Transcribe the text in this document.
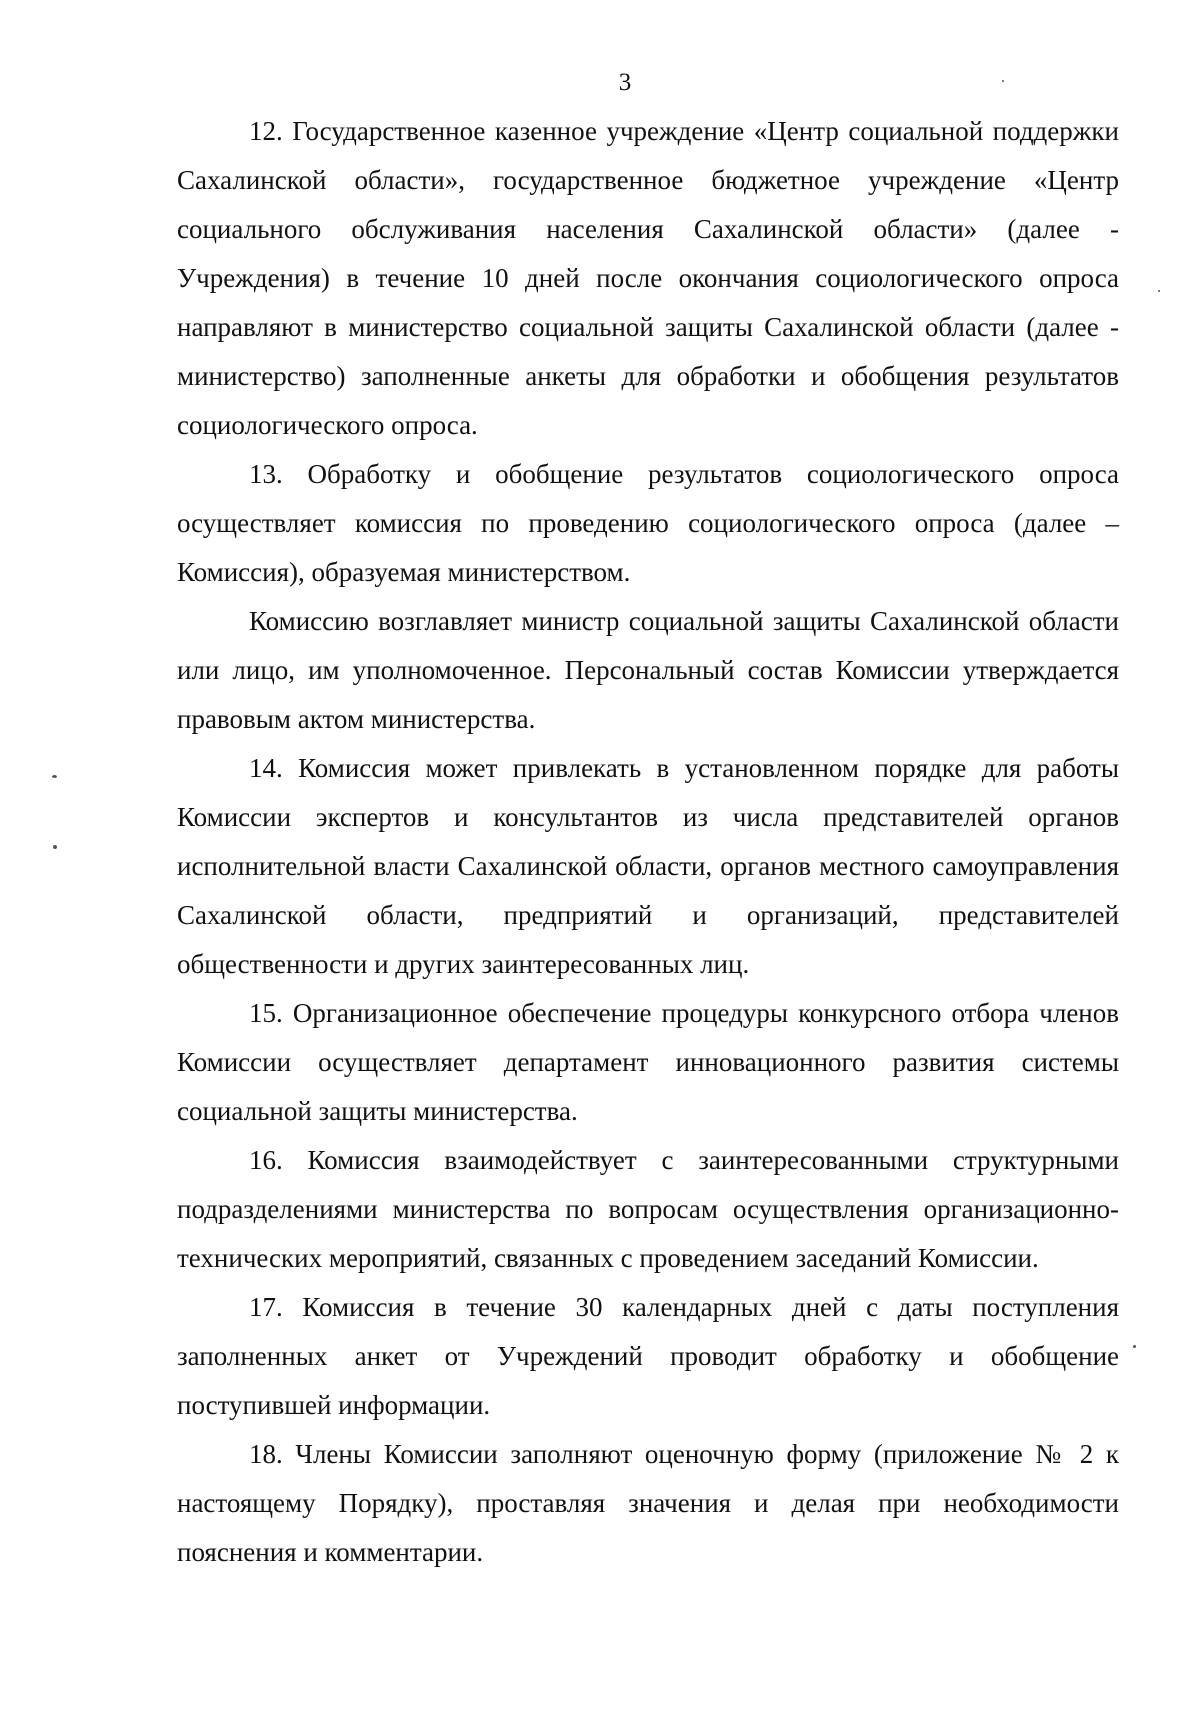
3

12. Государственное казенное учреждение «Центр социальной поддержки Сахалинской области», государственное бюджетное учреждение «Центр социального обслуживания населения Сахалинской области» (далее - Учреждения) в течение 10 дней после окончания социологического опроса направляют в министерство социальной защиты Сахалинской области (далее - министерство) заполненные анкеты для обработки и обобщения результатов социологического опроса.

13. Обработку и обобщение результатов социологического опроса осуществляет комиссия по проведению социологического опроса (далее – Комиссия), образуемая министерством.

Комиссию возглавляет министр социальной защиты Сахалинской области или лицо, им уполномоченное. Персональный состав Комиссии утверждается правовым актом министерства.

14. Комиссия может привлекать в установленном порядке для работы Комиссии экспертов и консультантов из числа представителей органов исполнительной власти Сахалинской области, органов местного самоуправления Сахалинской области, предприятий и организаций, представителей общественности и других заинтересованных лиц.

15. Организационное обеспечение процедуры конкурсного отбора членов Комиссии осуществляет департамент инновационного развития системы социальной защиты министерства.

16. Комиссия взаимодействует с заинтересованными структурными подразделениями министерства по вопросам осуществления организационно-технических мероприятий, связанных с проведением заседаний Комиссии.

17. Комиссия в течение 30 календарных дней с даты поступления заполненных анкет от Учреждений проводит обработку и обобщение поступившей информации.

18. Члены Комиссии заполняют оценочную форму (приложение № 2 к настоящему Порядку), проставляя значения и делая при необходимости пояснения и комментарии.
